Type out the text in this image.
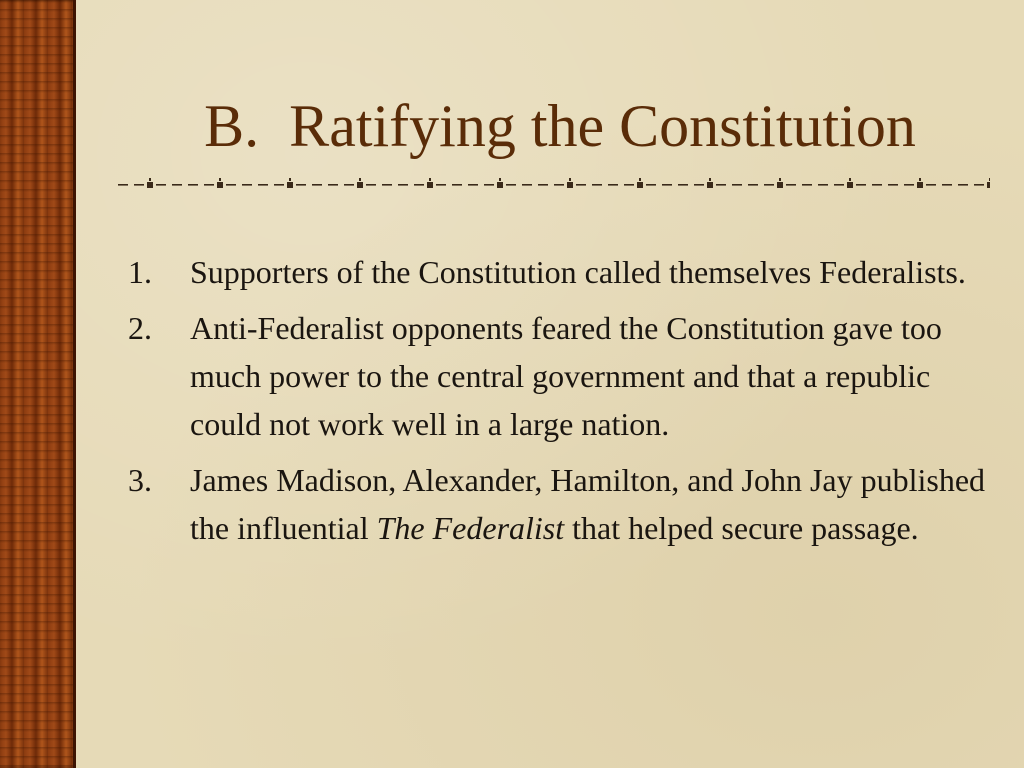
B.  Ratifying the Constitution
1.	Supporters of the Constitution called themselves Federalists.
2.	Anti-Federalist opponents feared the Constitution gave too much power to the central government and that a republic could not work well in a large nation.
3.	James Madison, Alexander, Hamilton, and John Jay published the influential The Federalist that helped secure passage.
